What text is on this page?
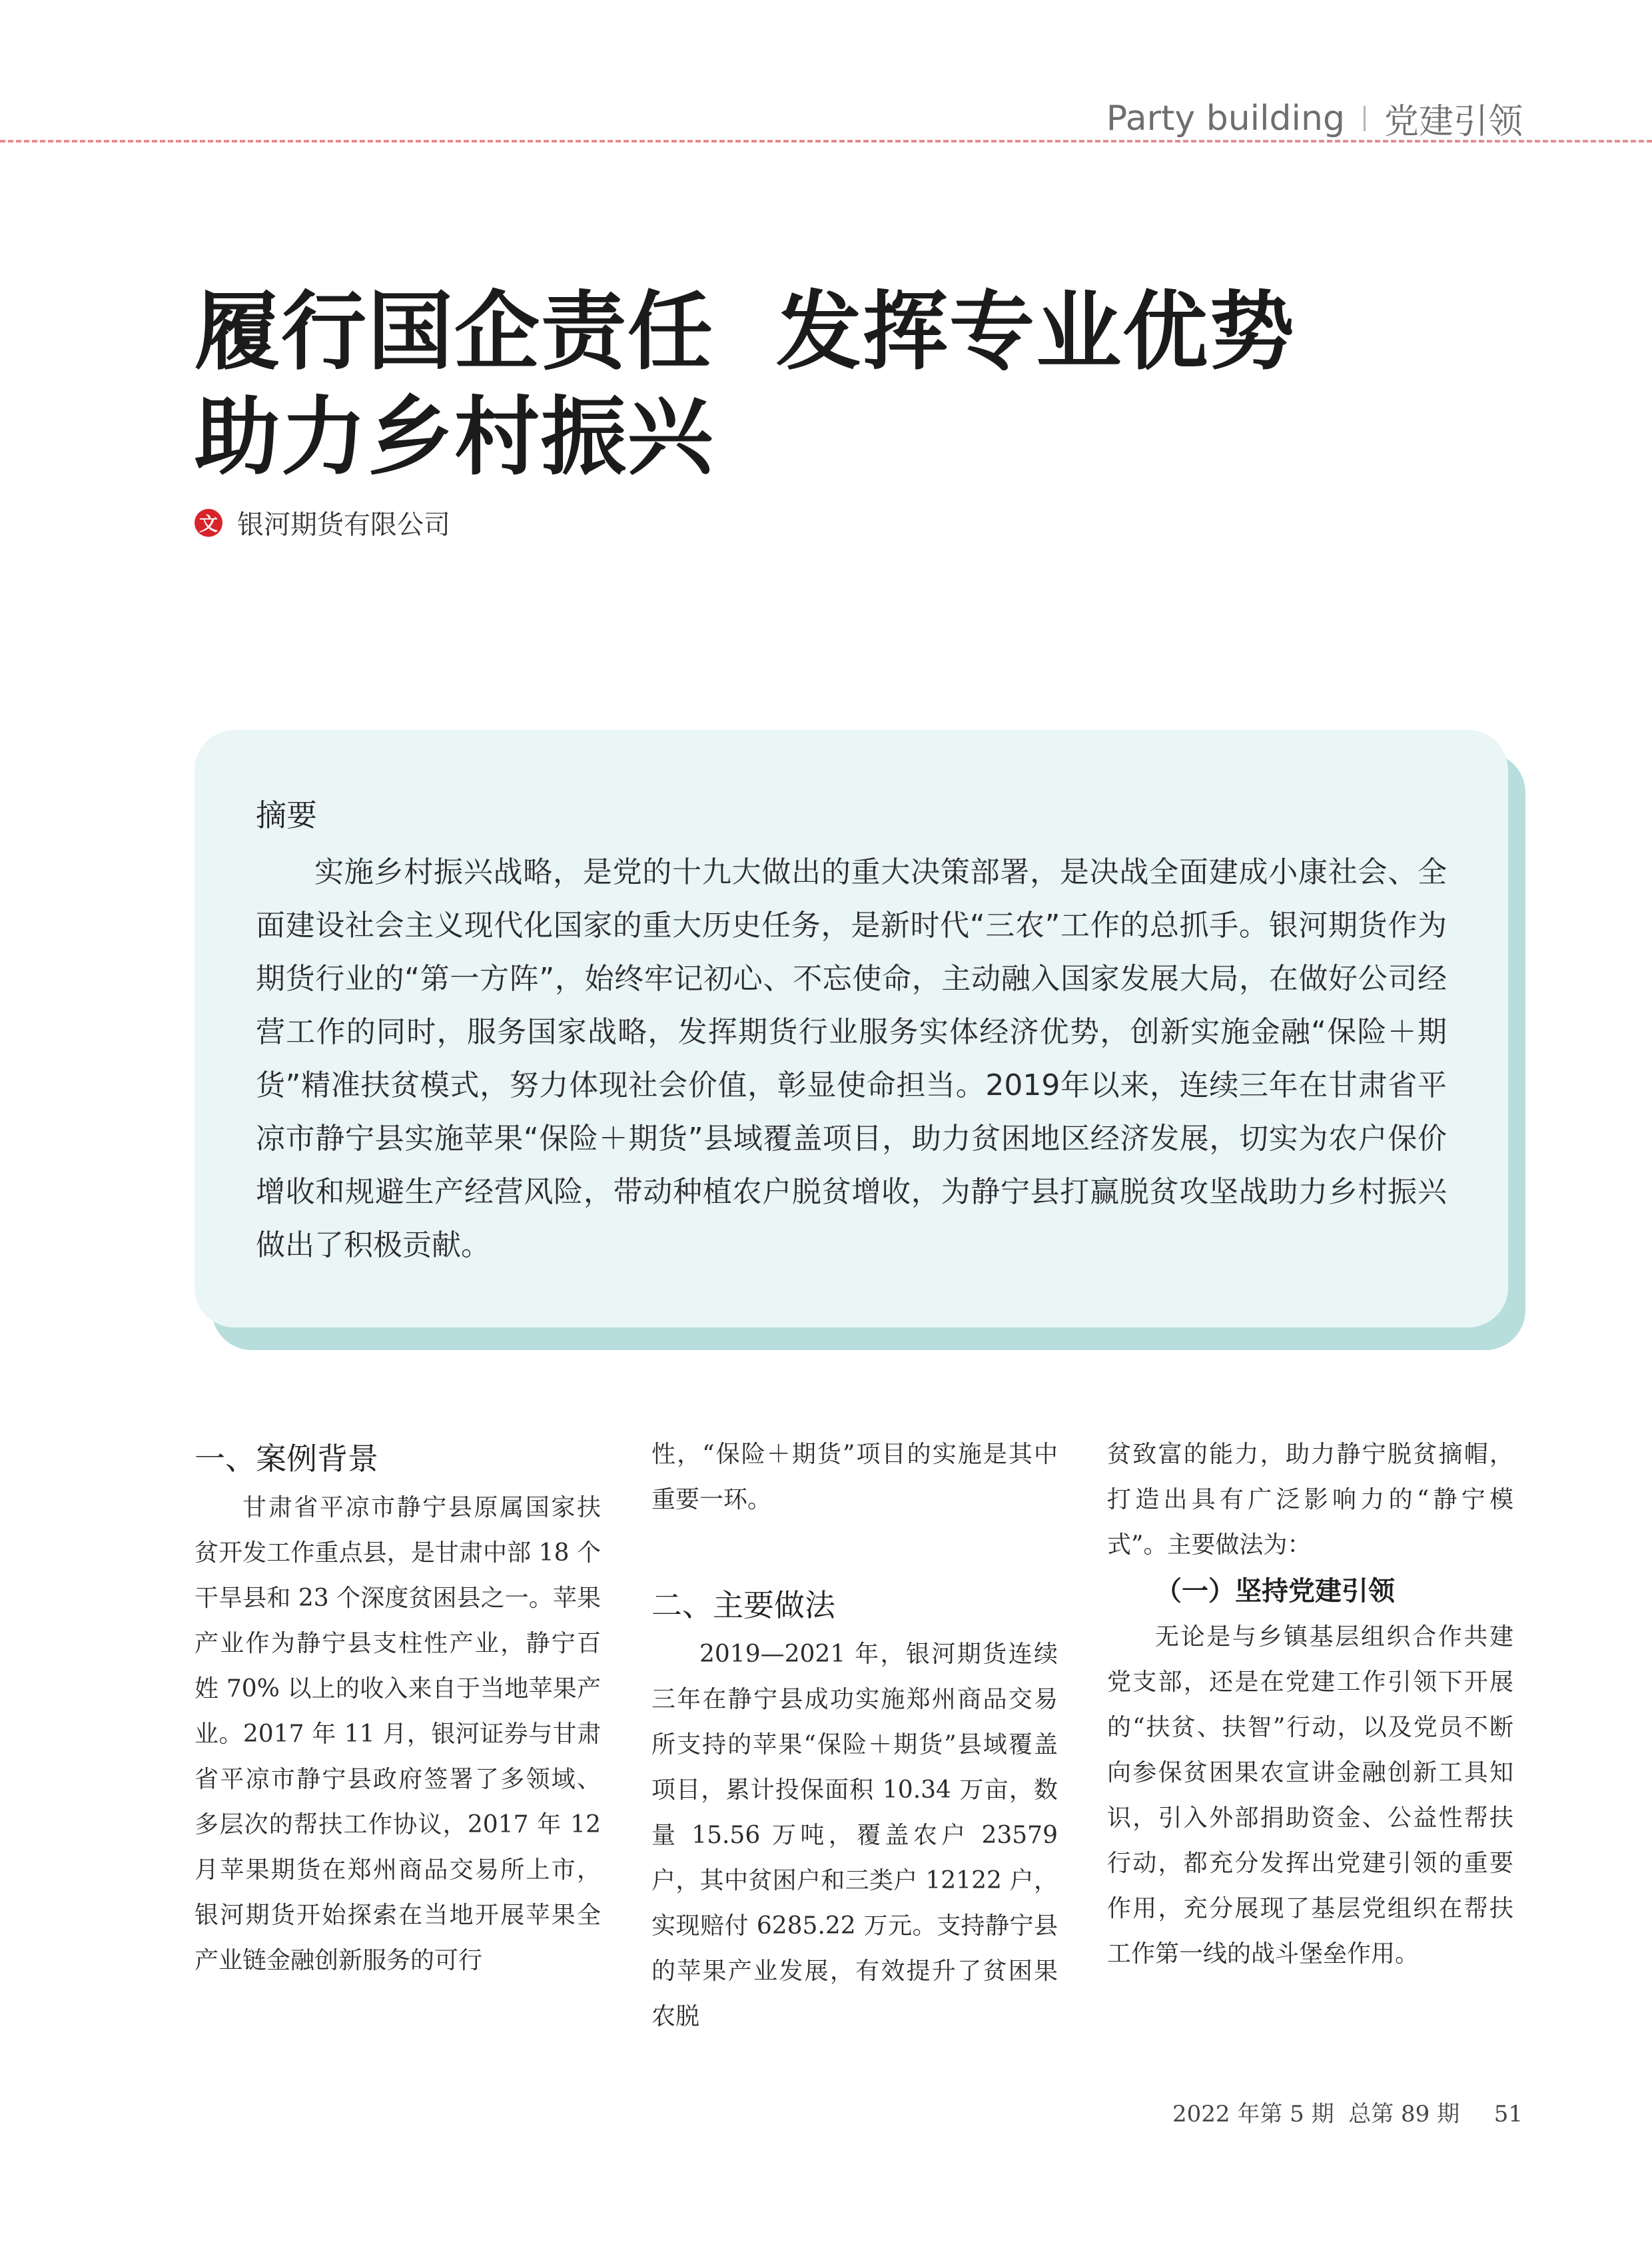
Party building 党建引领
履行国企责任  发挥专业优势
助力乡村振兴
文 银河期货有限公司
摘要

实施乡村振兴战略，是党的十九大做出的重大决策部署，是决战全面建成小康社会、全面建设社会主义现代化国家的重大历史任务，是新时代“三农”工作的总抓手。银河期货作为期货行业的“第一方阵”，始终牢记初心、不忘使命，主动融入国家发展大局，在做好公司经营工作的同时，服务国家战略，发挥期货行业服务实体经济优势，创新实施金融“保险＋期货”精准扶贫模式，努力体现社会价值，彰显使命担当。2019年以来，连续三年在甘肃省平凉市静宁县实施苹果“保险＋期货”县域覆盖项目，助力贫困地区经济发展，切实为农户保价增收和规避生产经营风险，带动种植农户脱贫增收，为静宁县打赢脱贫攻坚战助力乡村振兴做出了积极贡献。

一、案例背景

甘肃省平凉市静宁县原属国家扶贫开发工作重点县，是甘肃中部 18 个干旱县和 23 个深度贫困县之一。苹果产业作为静宁县支柱性产业，静宁百姓 70% 以上的收入来自于当地苹果产业。2017 年 11 月，银河证券与甘肃省平凉市静宁县政府签署了多领域、多层次的帮扶工作协议，2017 年 12 月苹果期货在郑州商品交易所上市，银河期货开始探索在当地开展苹果全产业链金融创新服务的可行

性，“保险＋期货”项目的实施是其中重要一环。

二、主要做法

2019—2021 年，银河期货连续三年在静宁县成功实施郑州商品交易所支持的苹果“保险＋期货”县域覆盖项目，累计投保面积 10.34 万亩，数量 15.56 万吨，覆盖农户 23579 户，其中贫困户和三类户 12122 户，实现赔付 6285.22 万元。支持静宁县的苹果产业发展，有效提升了贫困果农脱

贫致富的能力，助力静宁脱贫摘帽，打造出具有广泛影响力的“静宁模式”。主要做法为：

（一）坚持党建引领

无论是与乡镇基层组织合作共建党支部，还是在党建工作引领下开展的“扶贫、扶智”行动，以及党员不断向参保贫困果农宣讲金融创新工具知识，引入外部捐助资金、公益性帮扶行动，都充分发挥出党建引领的重要作用，充分展现了基层党组织在帮扶工作第一线的战斗堡垒作用。

2022 年第 5 期  总第 89 期 51
